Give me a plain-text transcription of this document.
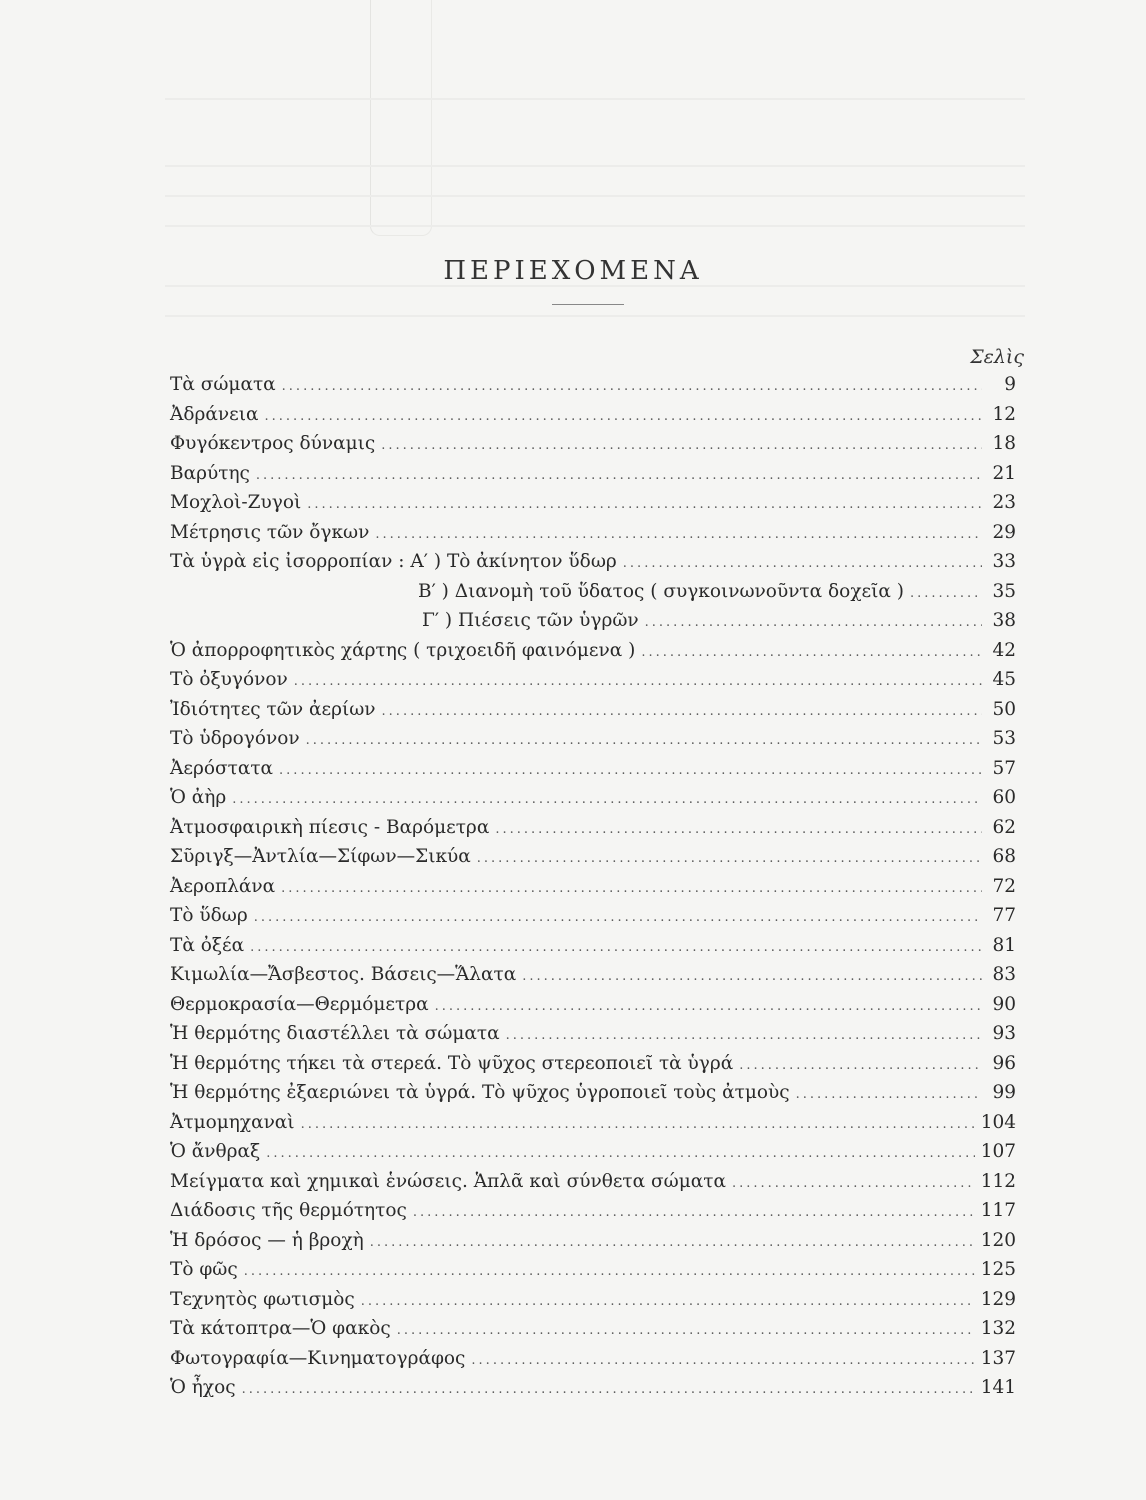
ΠΕΡΙΕΧΟΜΕΝΑ
Σελὶς
Τὰ σώματα .....	9
Ἀδράνεια .....	12
Φυγόκεντρος δύναμις .....	18
Βαρύτης .....	21
Μοχλοὶ-Ζυγοὶ .....	23
Μέτρησις τῶν ὄγκων .....	29
Τὰ ὑγρὰ εἰς ἰσορροπίαν : Α′ ) Τὸ ἀκίνητον ὕδωρ .....	33
Β′ ) Διανομὴ τοῦ ὕδατος ( συγκοινωνοῦντα δοχεῖα ) .....	35
Γ′ ) Πιέσεις τῶν ὑγρῶν .....	38
Ὁ ἀπορροφητικὸς χάρτης ( τριχοειδῆ φαινόμενα ) .....	42
Τὸ ὀξυγόνον .....	45
Ἰδιότητες τῶν ἀερίων .....	50
Τὸ ὑδρογόνον .....	53
Ἀερόστατα .....	57
Ὁ ἀὴρ .....	60
Ἀτμοσφαιρικὴ πίεσις - Βαρόμετρα .....	62
Σῦριγξ—Ἀντλία—Σίφων—Σικύα .....	68
Ἀεροπλάνα .....	72
Τὸ ὕδωρ .....	77
Τὰ ὀξέα .....	81
Κιμωλία—Ἄσβεστος. Βάσεις—Ἅλατα .....	83
Θερμοκρασία—Θερμόμετρα .....	90
Ἡ θερμότης διαστέλλει τὰ σώματα .....	93
Ἡ θερμότης τήκει τὰ στερεά. Τὸ ψῦχος στερεοποιεῖ τὰ ὑγρά .....	96
Ἡ θερμότης ἐξαεριώνει τὰ ὑγρά. Τὸ ψῦχος ὑγροποιεῖ τοὺς ἀτμοὺς .....	99
Ἀτμομηχαναὶ .....	104
Ὁ ἄνθραξ .....	107
Μείγματα καὶ χημικαὶ ἑνώσεις. Ἁπλᾶ καὶ σύνθετα σώματα .....	112
Διάδοσις τῆς θερμότητος .....	117
Ἡ δρόσος — ἡ βροχὴ .....	120
Τὸ φῶς .....	125
Τεχνητὸς φωτισμὸς .....	129
Τὰ κάτοπτρα—Ὁ φακὸς .....	132
Φωτογραφία—Κινηματογράφος .....	137
Ὁ ἦχος .....	141
